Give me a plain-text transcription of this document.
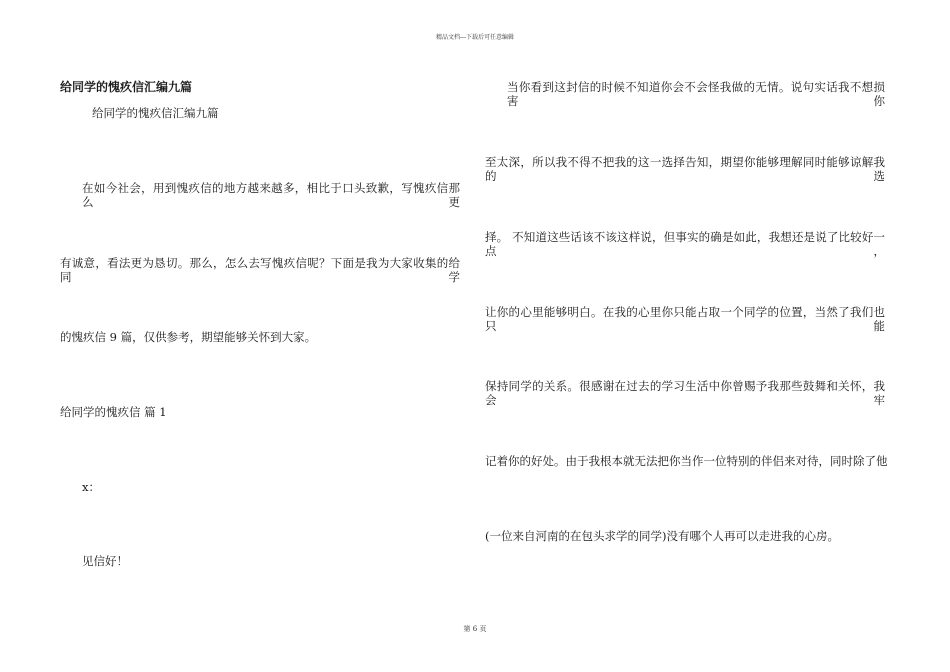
精品文档---下载后可任意编辑
给同学的愧疚信汇编九篇
给同学的愧疚信汇编九篇
在如今社会，用到愧疚信的地方越来越多，相比于口头致歉，写愧疚信那么更
有诚意，看法更为恳切。那么，怎么去写愧疚信呢？下面是我为大家收集的给同学
的愧疚信 9 篇，仅供参考，期望能够关怀到大家。
给同学的愧疚信 篇 1
x：
见信好！
当你看到这封信的时候不知道你会不会怪我做的无情。说句实话我不想损害你
至太深，所以我不得不把我的这一选择告知，期望你能够理解同时能够谅解我的选
择。 不知道这些话该不该这样说，但事实的确是如此，我想还是说了比较好一点，
让你的心里能够明白。在我的心里你只能占取一个同学的位置，当然了我们也只能
保持同学的关系。很感谢在过去的学习生活中你曾赐予我那些鼓舞和关怀，我会牢
记着你的好处。由于我根本就无法把你当作一位特别的伴侣来对待，同时除了他
(一位来自河南的在包头求学的同学)没有哪个人再可以走进我的心房。
第 6 页
